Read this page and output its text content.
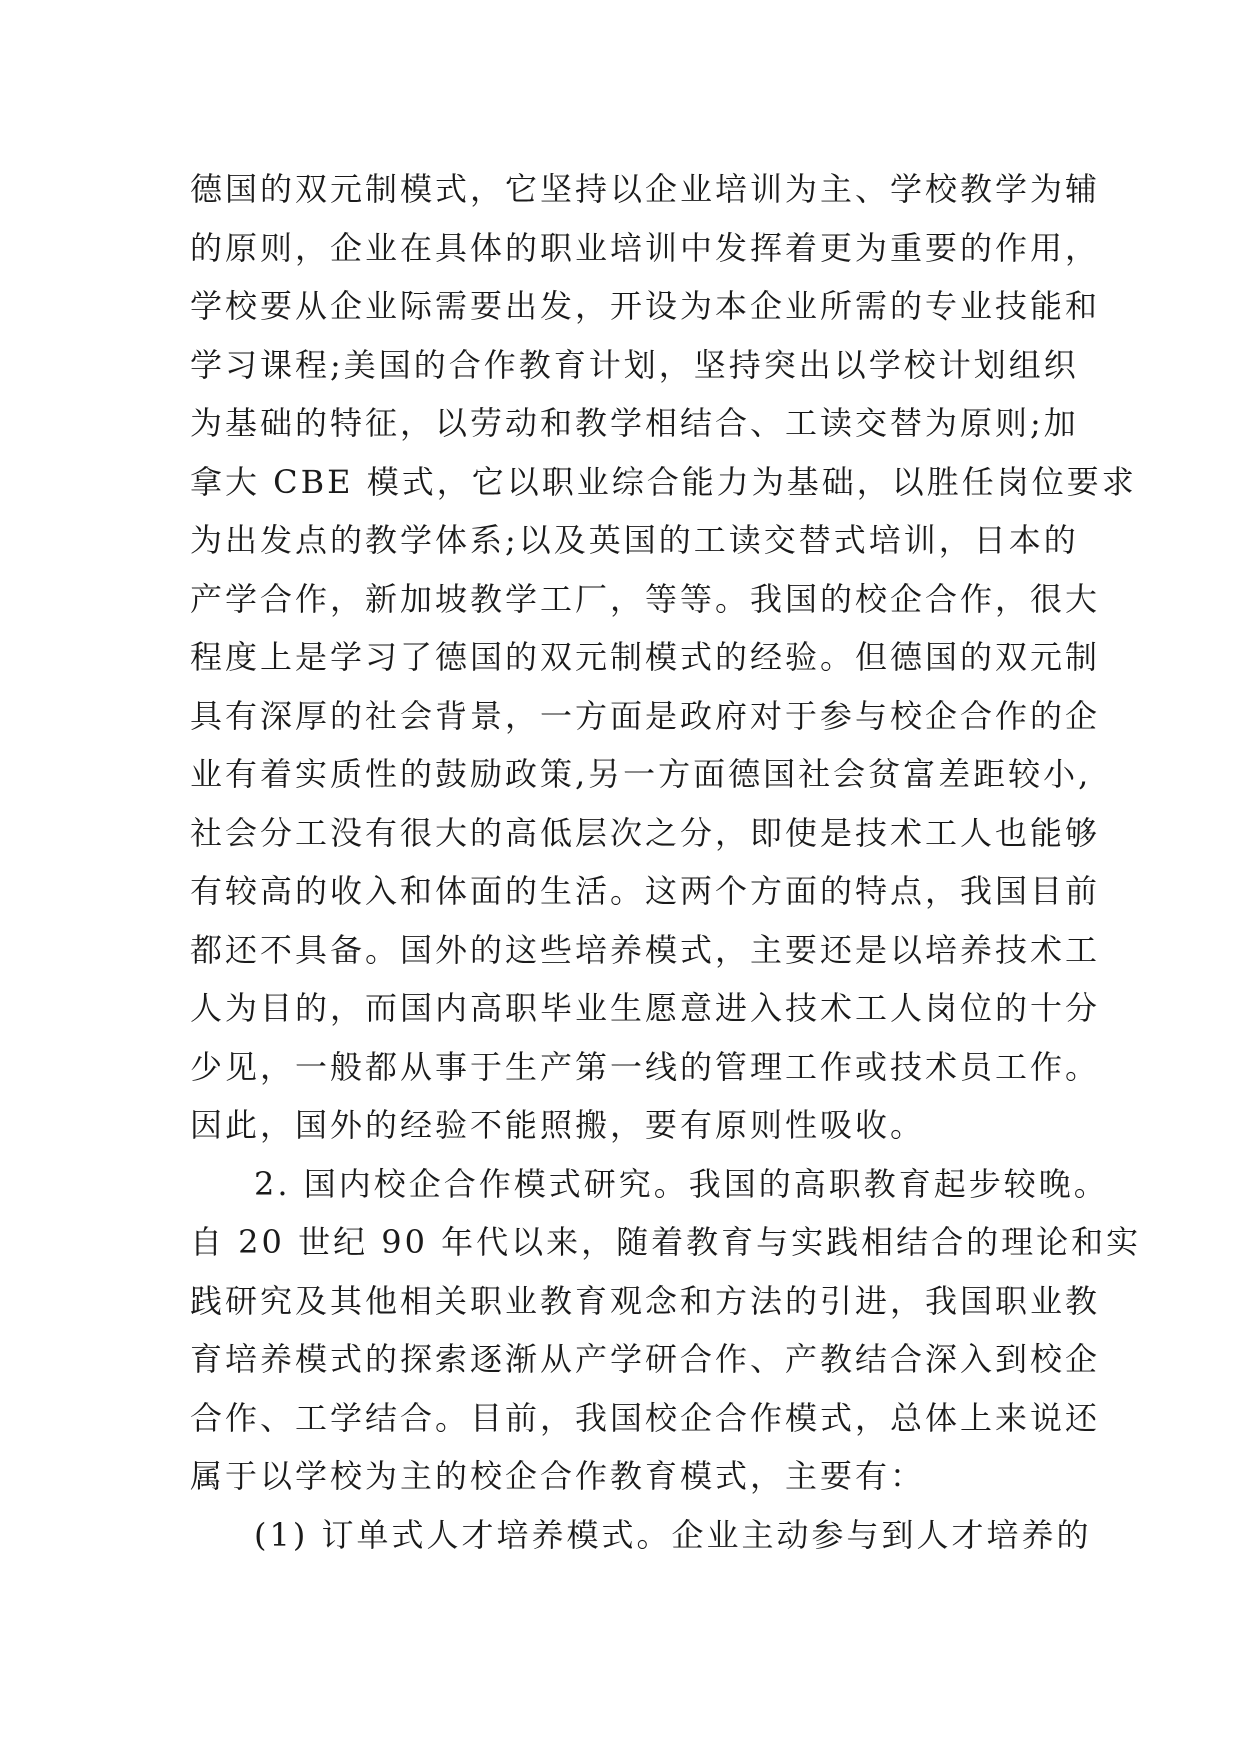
德国的双元制模式，它坚持以企业培训为主、学校教学为辅
的原则，企业在具体的职业培训中发挥着更为重要的作用，
学校要从企业际需要出发，开设为本企业所需的专业技能和
学习课程;美国的合作教育计划，坚持突出以学校计划组织
为基础的特征，以劳动和教学相结合、工读交替为原则;加
拿大 CBE 模式，它以职业综合能力为基础，以胜任岗位要求
为出发点的教学体系;以及英国的工读交替式培训，日本的
产学合作，新加坡教学工厂，等等。我国的校企合作，很大
程度上是学习了德国的双元制模式的经验。但德国的双元制
具有深厚的社会背景，一方面是政府对于参与校企合作的企
业有着实质性的鼓励政策,另一方面德国社会贫富差距较小,
社会分工没有很大的高低层次之分，即使是技术工人也能够
有较高的收入和体面的生活。这两个方面的特点，我国目前
都还不具备。国外的这些培养模式，主要还是以培养技术工
人为目的，而国内高职毕业生愿意进入技术工人岗位的十分
少见，一般都从事于生产第一线的管理工作或技术员工作。
因此，国外的经验不能照搬，要有原则性吸收。
2. 国内校企合作模式研究。我国的高职教育起步较晚。
自 20 世纪 90 年代以来，随着教育与实践相结合的理论和实
践研究及其他相关职业教育观念和方法的引进，我国职业教
育培养模式的探索逐渐从产学研合作、产教结合深入到校企
合作、工学结合。目前，我国校企合作模式，总体上来说还
属于以学校为主的校企合作教育模式，主要有：
(1) 订单式人才培养模式。企业主动参与到人才培养的
